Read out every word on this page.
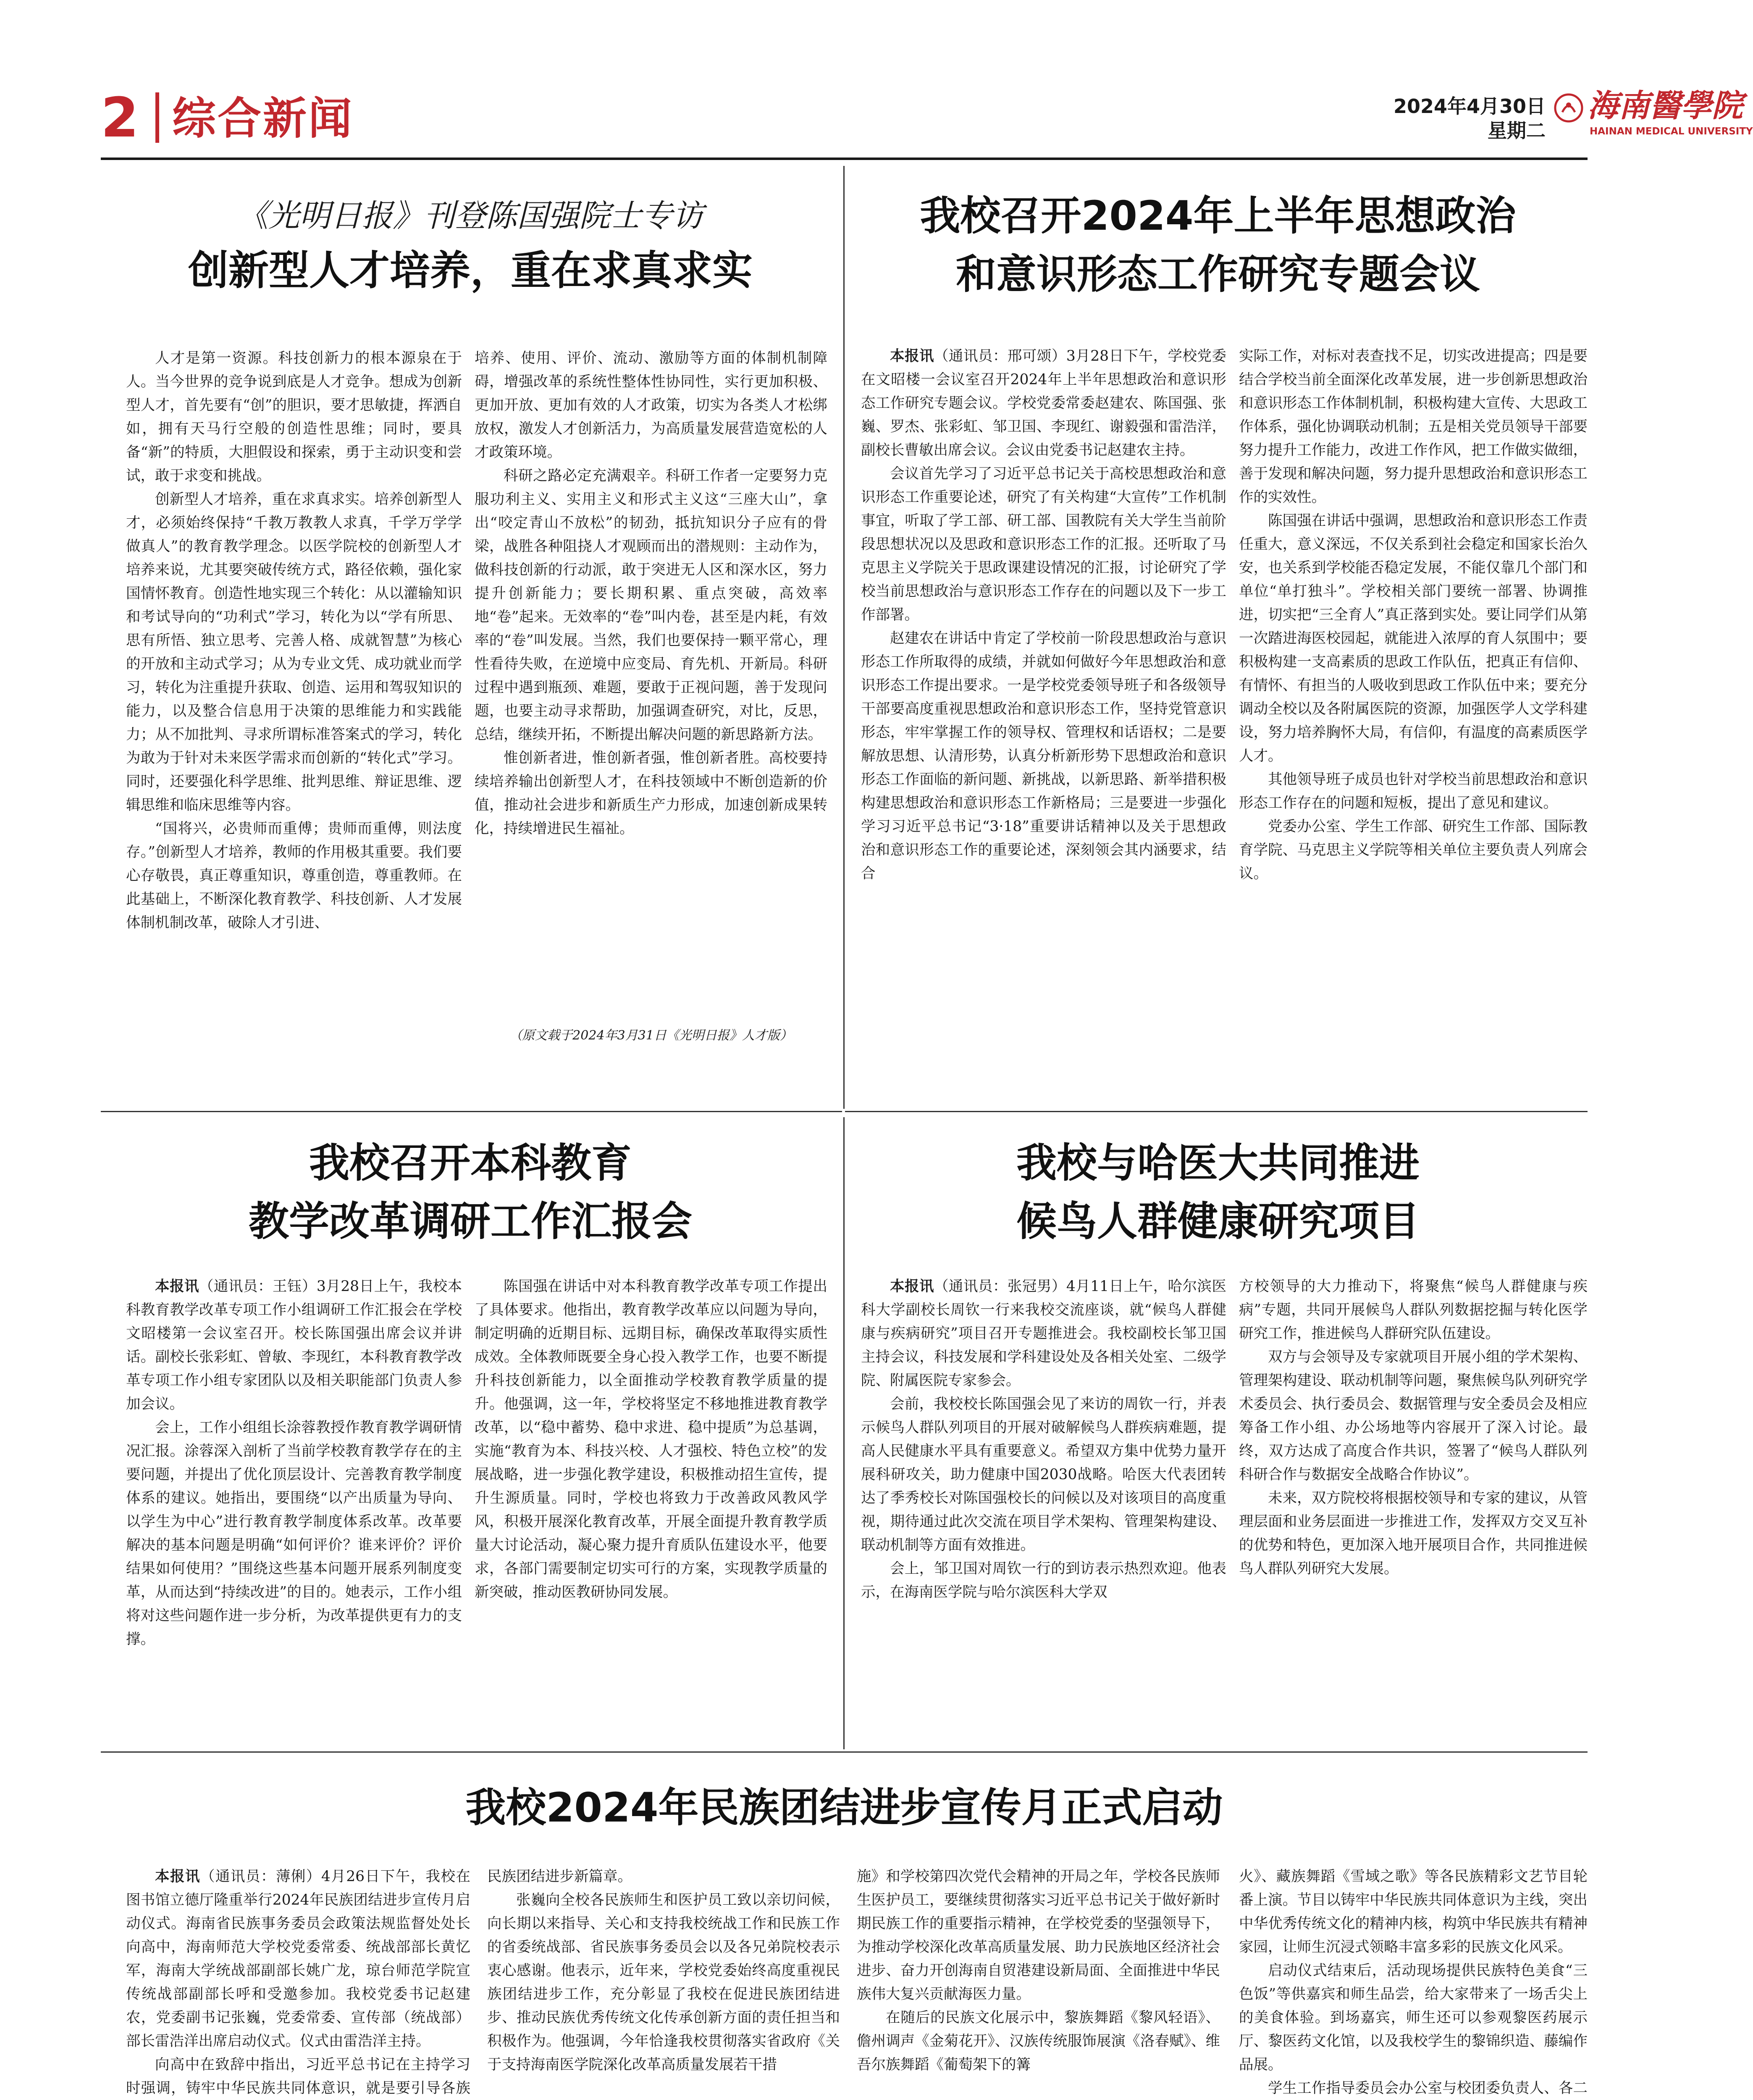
2 综合新闻	2024年4月30日
星期二
海南醫學院
HAINAN MEDICAL UNIVERSITY
《光明日报》刊登陈国强院士专访
创新型人才培养，重在求真求实

人才是第一资源。科技创新力的根本源泉在于人。当今世界的竞争说到底是人才竞争。想成为创新型人才，首先要有“创”的胆识，要才思敏捷，挥洒自如，拥有天马行空般的创造性思维；同时，要具备“新”的特质，大胆假设和探索，勇于主动识变和尝试，敢于求变和挑战。

创新型人才培养，重在求真求实。培养创新型人才，必须始终保持“千教万教教人求真，千学万学学做真人”的教育教学理念。以医学院校的创新型人才培养来说，尤其要突破传统方式，路径依赖，强化家国情怀教育。创造性地实现三个转化：从以灌输知识和考试导向的“功利式”学习，转化为以“学有所思、思有所悟、独立思考、完善人格、成就智慧”为核心的开放和主动式学习；从为专业文凭、成功就业而学习，转化为注重提升获取、创造、运用和驾驭知识的能力，以及整合信息用于决策的思维能力和实践能力；从不加批判、寻求所谓标准答案式的学习，转化为敢为于针对未来医学需求而创新的“转化式”学习。同时，还要强化科学思维、批判思维、辩证思维、逻辑思维和临床思维等内容。

“国将兴，必贵师而重傅；贵师而重傅，则法度存。”创新型人才培养，教师的作用极其重要。我们要心存敬畏，真正尊重知识，尊重创造，尊重教师。在此基础上，不断深化教育教学、科技创新、人才发展体制机制改革，破除人才引进、

培养、使用、评价、流动、激励等方面的体制机制障碍，增强改革的系统性整体性协同性，实行更加积极、更加开放、更加有效的人才政策，切实为各类人才松绑放权，激发人才创新活力，为高质量发展营造宽松的人才政策环境。

科研之路必定充满艰辛。科研工作者一定要努力克服功利主义、实用主义和形式主义这“三座大山”，拿出“咬定青山不放松”的韧劲，抵抗知识分子应有的骨梁，战胜各种阻挠人才观顾而出的潜规则：主动作为，做科技创新的行动派，敢于突进无人区和深水区，努力提升创新能力；要长期积累、重点突破，高效率地“卷”起来。无效率的“卷”叫内卷，甚至是内耗，有效率的“卷”叫发展。当然，我们也要保持一颗平常心，理性看待失败，在逆境中应变局、育先机、开新局。科研过程中遇到瓶颈、难题，要敢于正视问题，善于发现问题，也要主动寻求帮助，加强调查研究，对比，反思，总结，继续开拓，不断提出解决问题的新思路新方法。

惟创新者进，惟创新者强，惟创新者胜。高校要持续培养输出创新型人才，在科技领域中不断创造新的价值，推动社会进步和新质生产力形成，加速创新成果转化，持续增进民生福祉。

（原文载于2024年3月31日《光明日报》人才版）
我校召开2024年上半年思想政治
和意识形态工作研究专题会议

本报讯（通讯员：邢可颂）3月28日下午，学校党委在文昭楼一会议室召开2024年上半年思想政治和意识形态工作研究专题会议。学校党委常委赵建农、陈国强、张巍、罗杰、张彩虹、邹卫国、李现红、谢毅强和雷浩洋，副校长曹敏出席会议。会议由党委书记赵建农主持。

会议首先学习了习近平总书记关于高校思想政治和意识形态工作重要论述，研究了有关构建“大宣传”工作机制事宜，听取了学工部、研工部、国教院有关大学生当前阶段思想状况以及思政和意识形态工作的汇报。还听取了马克思主义学院关于思政课建设情况的汇报，讨论研究了学校当前思想政治与意识形态工作存在的问题以及下一步工作部署。

赵建农在讲话中肯定了学校前一阶段思想政治与意识形态工作所取得的成绩，并就如何做好今年思想政治和意识形态工作提出要求。一是学校党委领导班子和各级领导干部要高度重视思想政治和意识形态工作，坚持党管意识形态，牢牢掌握工作的领导权、管理权和话语权；二是要解放思想、认清形势，认真分析新形势下思想政治和意识形态工作面临的新问题、新挑战，以新思路、新举措积极构建思想政治和意识形态工作新格局；三是要进一步强化学习习近平总书记“3·18”重要讲话精神以及关于思想政治和意识形态工作的重要论述，深刻领会其内涵要求，结合

实际工作，对标对表查找不足，切实改进提高；四是要结合学校当前全面深化改革发展，进一步创新思想政治和意识形态工作体制机制，积极构建大宣传、大思政工作体系，强化协调联动机制；五是相关党员领导干部要努力提升工作能力，改进工作作风，把工作做实做细，善于发现和解决问题，努力提升思想政治和意识形态工作的实效性。

陈国强在讲话中强调，思想政治和意识形态工作责任重大，意义深远，不仅关系到社会稳定和国家长治久安，也关系到学校能否稳定发展，不能仅靠几个部门和单位“单打独斗”。学校相关部门要统一部署、协调推进，切实把“三全育人”真正落到实处。要让同学们从第一次踏进海医校园起，就能进入浓厚的育人氛围中；要积极构建一支高素质的思政工作队伍，把真正有信仰、有情怀、有担当的人吸收到思政工作队伍中来；要充分调动全校以及各附属医院的资源，加强医学人文学科建设，努力培养胸怀大局，有信仰，有温度的高素质医学人才。

其他领导班子成员也针对学校当前思想政治和意识形态工作存在的问题和短板，提出了意见和建议。

党委办公室、学生工作部、研究生工作部、国际教育学院、马克思主义学院等相关单位主要负责人列席会议。

我校召开本科教育
教学改革调研工作汇报会

本报讯（通讯员：王钰）3月28日上午，我校本科教育教学改革专项工作小组调研工作汇报会在学校文昭楼第一会议室召开。校长陈国强出席会议并讲话。副校长张彩虹、曾敏、李现红，本科教育教学改革专项工作小组专家团队以及相关职能部门负责人参加会议。

会上，工作小组组长涂蓉教授作教育教学调研情况汇报。涂蓉深入剖析了当前学校教育教学存在的主要问题，并提出了优化顶层设计、完善教育教学制度体系的建议。她指出，要围绕“以产出质量为导向、以学生为中心”进行教育教学制度体系改革。改革要解决的基本问题是明确“如何评价？谁来评价？评价结果如何使用？”围绕这些基本问题开展系列制度变革，从而达到“持续改进”的目的。她表示，工作小组将对这些问题作进一步分析，为改革提供更有力的支撑。

陈国强在讲话中对本科教育教学改革专项工作提出了具体要求。他指出，教育教学改革应以问题为导向，制定明确的近期目标、远期目标，确保改革取得实质性成效。全体教师既要全身心投入教学工作，也要不断提升科技创新能力，以全面推动学校教育教学质量的提升。他强调，这一年，学校将坚定不移地推进教育教学改革，以“稳中蓄势、稳中求进、稳中提质”为总基调，实施“教育为本、科技兴校、人才强校、特色立校”的发展战略，进一步强化教学建设，积极推动招生宣传，提升生源质量。同时，学校也将致力于改善政风教风学风，积极开展深化教育改革，开展全面提升教育教学质量大讨论活动，凝心聚力提升育质队伍建设水平，他要求，各部门需要制定切实可行的方案，实现教学质量的新突破，推动医教研协同发展。

我校与哈医大共同推进
候鸟人群健康研究项目

本报讯（通讯员：张冠男）4月11日上午，哈尔滨医科大学副校长周钦一行来我校交流座谈，就“候鸟人群健康与疾病研究”项目召开专题推进会。我校副校长邹卫国主持会议，科技发展和学科建设处及各相关处室、二级学院、附属医院专家参会。

会前，我校校长陈国强会见了来访的周钦一行，并表示候鸟人群队列项目的开展对破解候鸟人群疾病难题，提高人民健康水平具有重要意义。希望双方集中优势力量开展科研攻关，助力健康中国2030战略。哈医大代表团转达了季秀校长对陈国强校长的问候以及对该项目的高度重视，期待通过此次交流在项目学术架构、管理架构建设、联动机制等方面有效推进。

会上，邹卫国对周钦一行的到访表示热烈欢迎。他表示，在海南医学院与哈尔滨医科大学双

方校领导的大力推动下，将聚焦“候鸟人群健康与疾病”专题，共同开展候鸟人群队列数据挖掘与转化医学研究工作，推进候鸟人群研究队伍建设。

双方与会领导及专家就项目开展小组的学术架构、管理架构建设、联动机制等问题，聚焦候鸟队列研究学术委员会、执行委员会、数据管理与安全委员会及相应筹备工作小组、办公场地等内容展开了深入讨论。最终，双方达成了高度合作共识，签署了“候鸟人群队列科研合作与数据安全战略合作协议”。

未来，双方院校将根据校领导和专家的建议，从管理层面和业务层面进一步推进工作，发挥双方交叉互补的优势和特色，更加深入地开展项目合作，共同推进候鸟人群队列研究大发展。

我校2024年民族团结进步宣传月正式启动

本报讯（通讯员：薄俐）4月26日下午，我校在图书馆立德厅隆重举行2024年民族团结进步宣传月启动仪式。海南省民族事务委员会政策法规监督处处长向高中，海南师范大学校党委常委、统战部部长黄忆军，海南大学统战部副部长姚广龙，琼台师范学院宣传统战部副部长呼和受邀参加。我校党委书记赵建农，党委副书记张巍，党委常委、宣传部（统战部）部长雷浩洋出席启动仪式。仪式由雷浩洋主持。

向高中在致辞中指出，习近平总书记在主持学习时强调，铸牢中华民族共同体意识，就是要引导各族

民族团结进步新篇章。

张巍向全校各民族师生和医护员工致以亲切问候，向长期以来指导、关心和支持我校统战工作和民族工作的省委统战部、省民族事务委员会以及各兄弟院校表示衷心感谢。他表示，近年来，学校党委始终高度重视民族团结进步工作，充分彰显了我校在促进民族团结进步、推动民族优秀传统文化传承创新方面的责任担当和积极作为。他强调，今年恰逢我校贯彻落实省政府《关于支持海南医学院深化改革高质量发展若干措

施》和学校第四次党代会精神的开局之年，学校各民族师生医护员工，要继续贯彻落实习近平总书记关于做好新时期民族工作的重要指示精神，在学校党委的坚强领导下，为推动学校深化改革高质量发展、助力民族地区经济社会进步、奋力开创海南自贸港建设新局面、全面推进中华民族伟大复兴贡献海医力量。

在随后的民族文化展示中，黎族舞蹈《黎风轻语》、儋州调声《金菊花开》、汉族传统服饰展演《洛春赋》、维吾尔族舞蹈《葡萄架下的篝

火》、藏族舞蹈《雪域之歌》等各民族精彩文艺节目轮番上演。节目以铸牢中华民族共同体意识为主线，突出中华优秀传统文化的精神内核，构筑中华民族共有精神家园，让师生沉浸式领略丰富多彩的民族文化风采。

启动仪式结束后，活动现场提供民族特色美食“三色饭”等供嘉宾和师生品尝，给大家带来了一场舌尖上的美食体验。到场嘉宾，师生还可以参观黎医药展示厅、黎医药文化馆，以及我校学生的黎锦织造、藤编作品展。

学生工作指导委员会办公室与校团委负责人、各二
